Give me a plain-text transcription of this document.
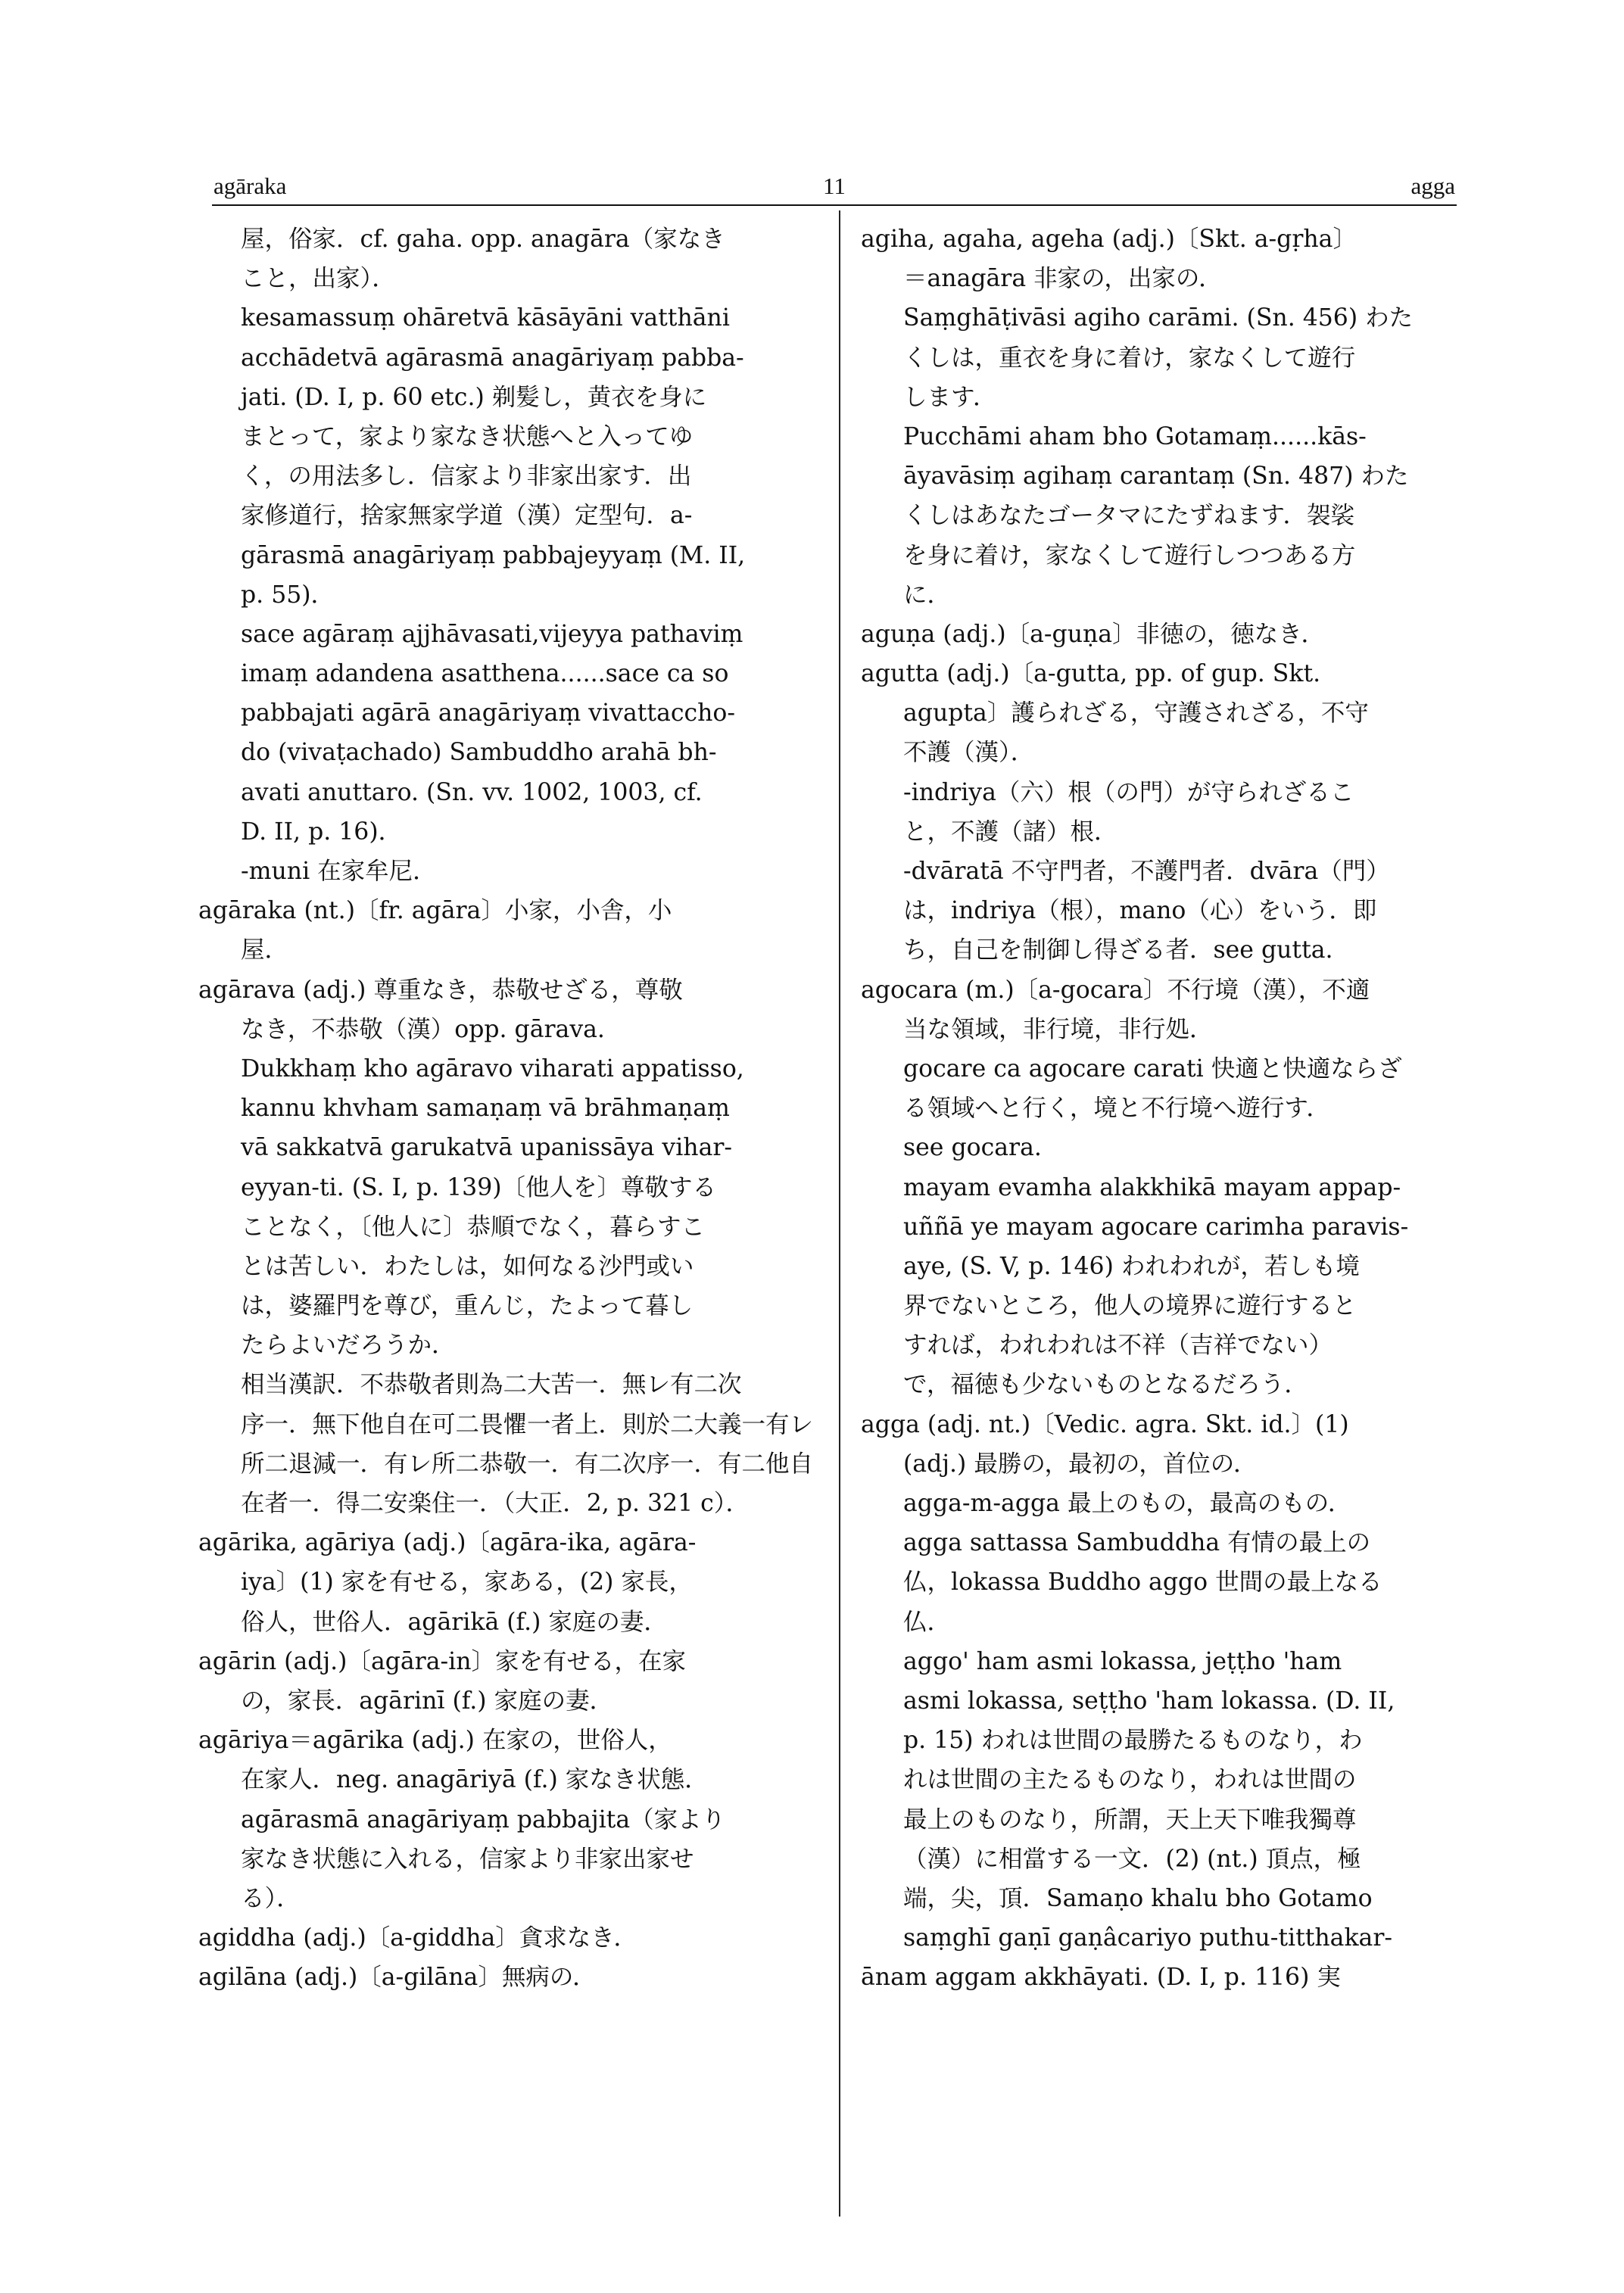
agāraka	11	agga
屋，俗家．cf. gaha. opp. anagāra（家なき
こと，出家）．
kesamassuṃ ohāretvā kāsāyāni vatthāni
acchādetvā agārasmā anagāriyaṃ pabba-
jati. (D. I, p. 60 etc.) 剃髪し，黄衣を身に
まとって，家より家なき状態へと入ってゆ
く，の用法多し．信家より非家出家す．出
家修道行，捨家無家学道（漢）定型句．a-
gārasmā anagāriyaṃ pabbajeyyaṃ (M. II,
p. 55)．
sace agāraṃ ajjhāvasati,vijeyya pathaviṃ
imaṃ adandena asatthena......sace ca so
pabbajati agārā anagāriyaṃ vivattaccho-
do (vivaṭachado) Sambuddho arahā bh-
avati anuttaro. (Sn. vv. 1002, 1003, cf.
D. II, p. 16)．
-muni 在家牟尼．
agāraka (nt.)〔fr. agāra〕小家，小舎，小
屋．
agārava (adj.) 尊重なき，恭敬せざる，尊敬
なき，不恭敬（漢）opp. gārava.
Dukkhaṃ kho agāravo viharati appatisso,
kannu khvham samaṇaṃ vā brāhmaṇaṃ
vā sakkatvā garukatvā upanissāya vihar-
eyyan-ti. (S. I, p. 139)〔他人を〕尊敬する
ことなく，〔他人に〕恭順でなく，暮らすこ
とは苦しい．わたしは，如何なる沙門或い
は，婆羅門を尊び，重んじ，たよって暮し
たらよいだろうか．
相当漢訳．不恭敬者則為二大苦一．無レ有二次
序一．無下他自在可二畏懼一者上．則於二大義一有レ
所二退減一．有レ所二恭敬一．有二次序一．有二他自
在者一．得二安楽住一．（大正．2, p. 321 c）．
agārika, agāriya (adj.)〔agāra-ika, agāra-
iya〕(1) 家を有せる，家ある，(2) 家長，
俗人，世俗人．agārikā (f.) 家庭の妻．
agārin (adj.)〔agāra-in〕家を有せる，在家
の，家長．agārinī (f.) 家庭の妻．
agāriya＝agārika (adj.) 在家の，世俗人，
在家人．neg. anagāriyā (f.) 家なき状態．
agārasmā anagāriyaṃ pabbajita（家より
家なき状態に入れる，信家より非家出家せ
る）．
agiddha (adj.)〔a-giddha〕貪求なき．
agilāna (adj.)〔a-gilāna〕無病の．
agiha, agaha, ageha (adj.)〔Skt. a-gṛha〕
＝anagāra 非家の，出家の．
Saṃghāṭivāsi agiho carāmi. (Sn. 456) わた
くしは，重衣を身に着け，家なくして遊行
します．
Pucchāmi aham bho Gotamaṃ......kās-
āyavāsiṃ agihaṃ carantaṃ (Sn. 487) わた
くしはあなたゴータマにたずねます．袈裟
を身に着け，家なくして遊行しつつある方
に．
aguṇa (adj.)〔a-guṇa〕非徳の，徳なき．
agutta (adj.)〔a-gutta, pp. of gup. Skt.
agupta〕護られざる，守護されざる，不守
不護（漢）．
-indriya（六）根（の門）が守られざるこ
と，不護（諸）根．
-dvāratā 不守門者，不護門者．dvāra（門）
は，indriya（根），mano（心）をいう．即
ち，自己を制御し得ざる者．see gutta.
agocara (m.)〔a-gocara〕不行境（漢），不適
当な領域，非行境，非行処．
gocare ca agocare carati 快適と快適ならざ
る領域へと行く，境と不行境へ遊行す．
see gocara.
mayam evamha alakkhikā mayam appap-
uññā ye mayam agocare carimha paravis-
aye, (S. V, p. 146) われわれが，若しも境
界でないところ，他人の境界に遊行すると
すれば，われわれは不祥（吉祥でない）
で，福徳も少ないものとなるだろう．
agga (adj. nt.)〔Vedic. agra. Skt. id.〕(1)
(adj.) 最勝の，最初の，首位の．
agga-m-agga 最上のもの，最高のもの．
agga sattassa Sambuddha 有情の最上の
仏，lokassa Buddho aggo 世間の最上なる
仏．
aggo' ham asmi lokassa, jeṭṭho 'ham
asmi lokassa, seṭṭho 'ham lokassa. (D. II,
p. 15) われは世間の最勝たるものなり，わ
れは世間の主たるものなり，われは世間の
最上のものなり，所謂，天上天下唯我獨尊
（漢）に相當する一文．(2) (nt.) 頂点，極
端，尖，頂．Samaṇo khalu bho Gotamo
saṃghī gaṇī gaṇâcariyo puthu-titthakar-
ānam aggam akkhāyati. (D. I, p. 116) 実
